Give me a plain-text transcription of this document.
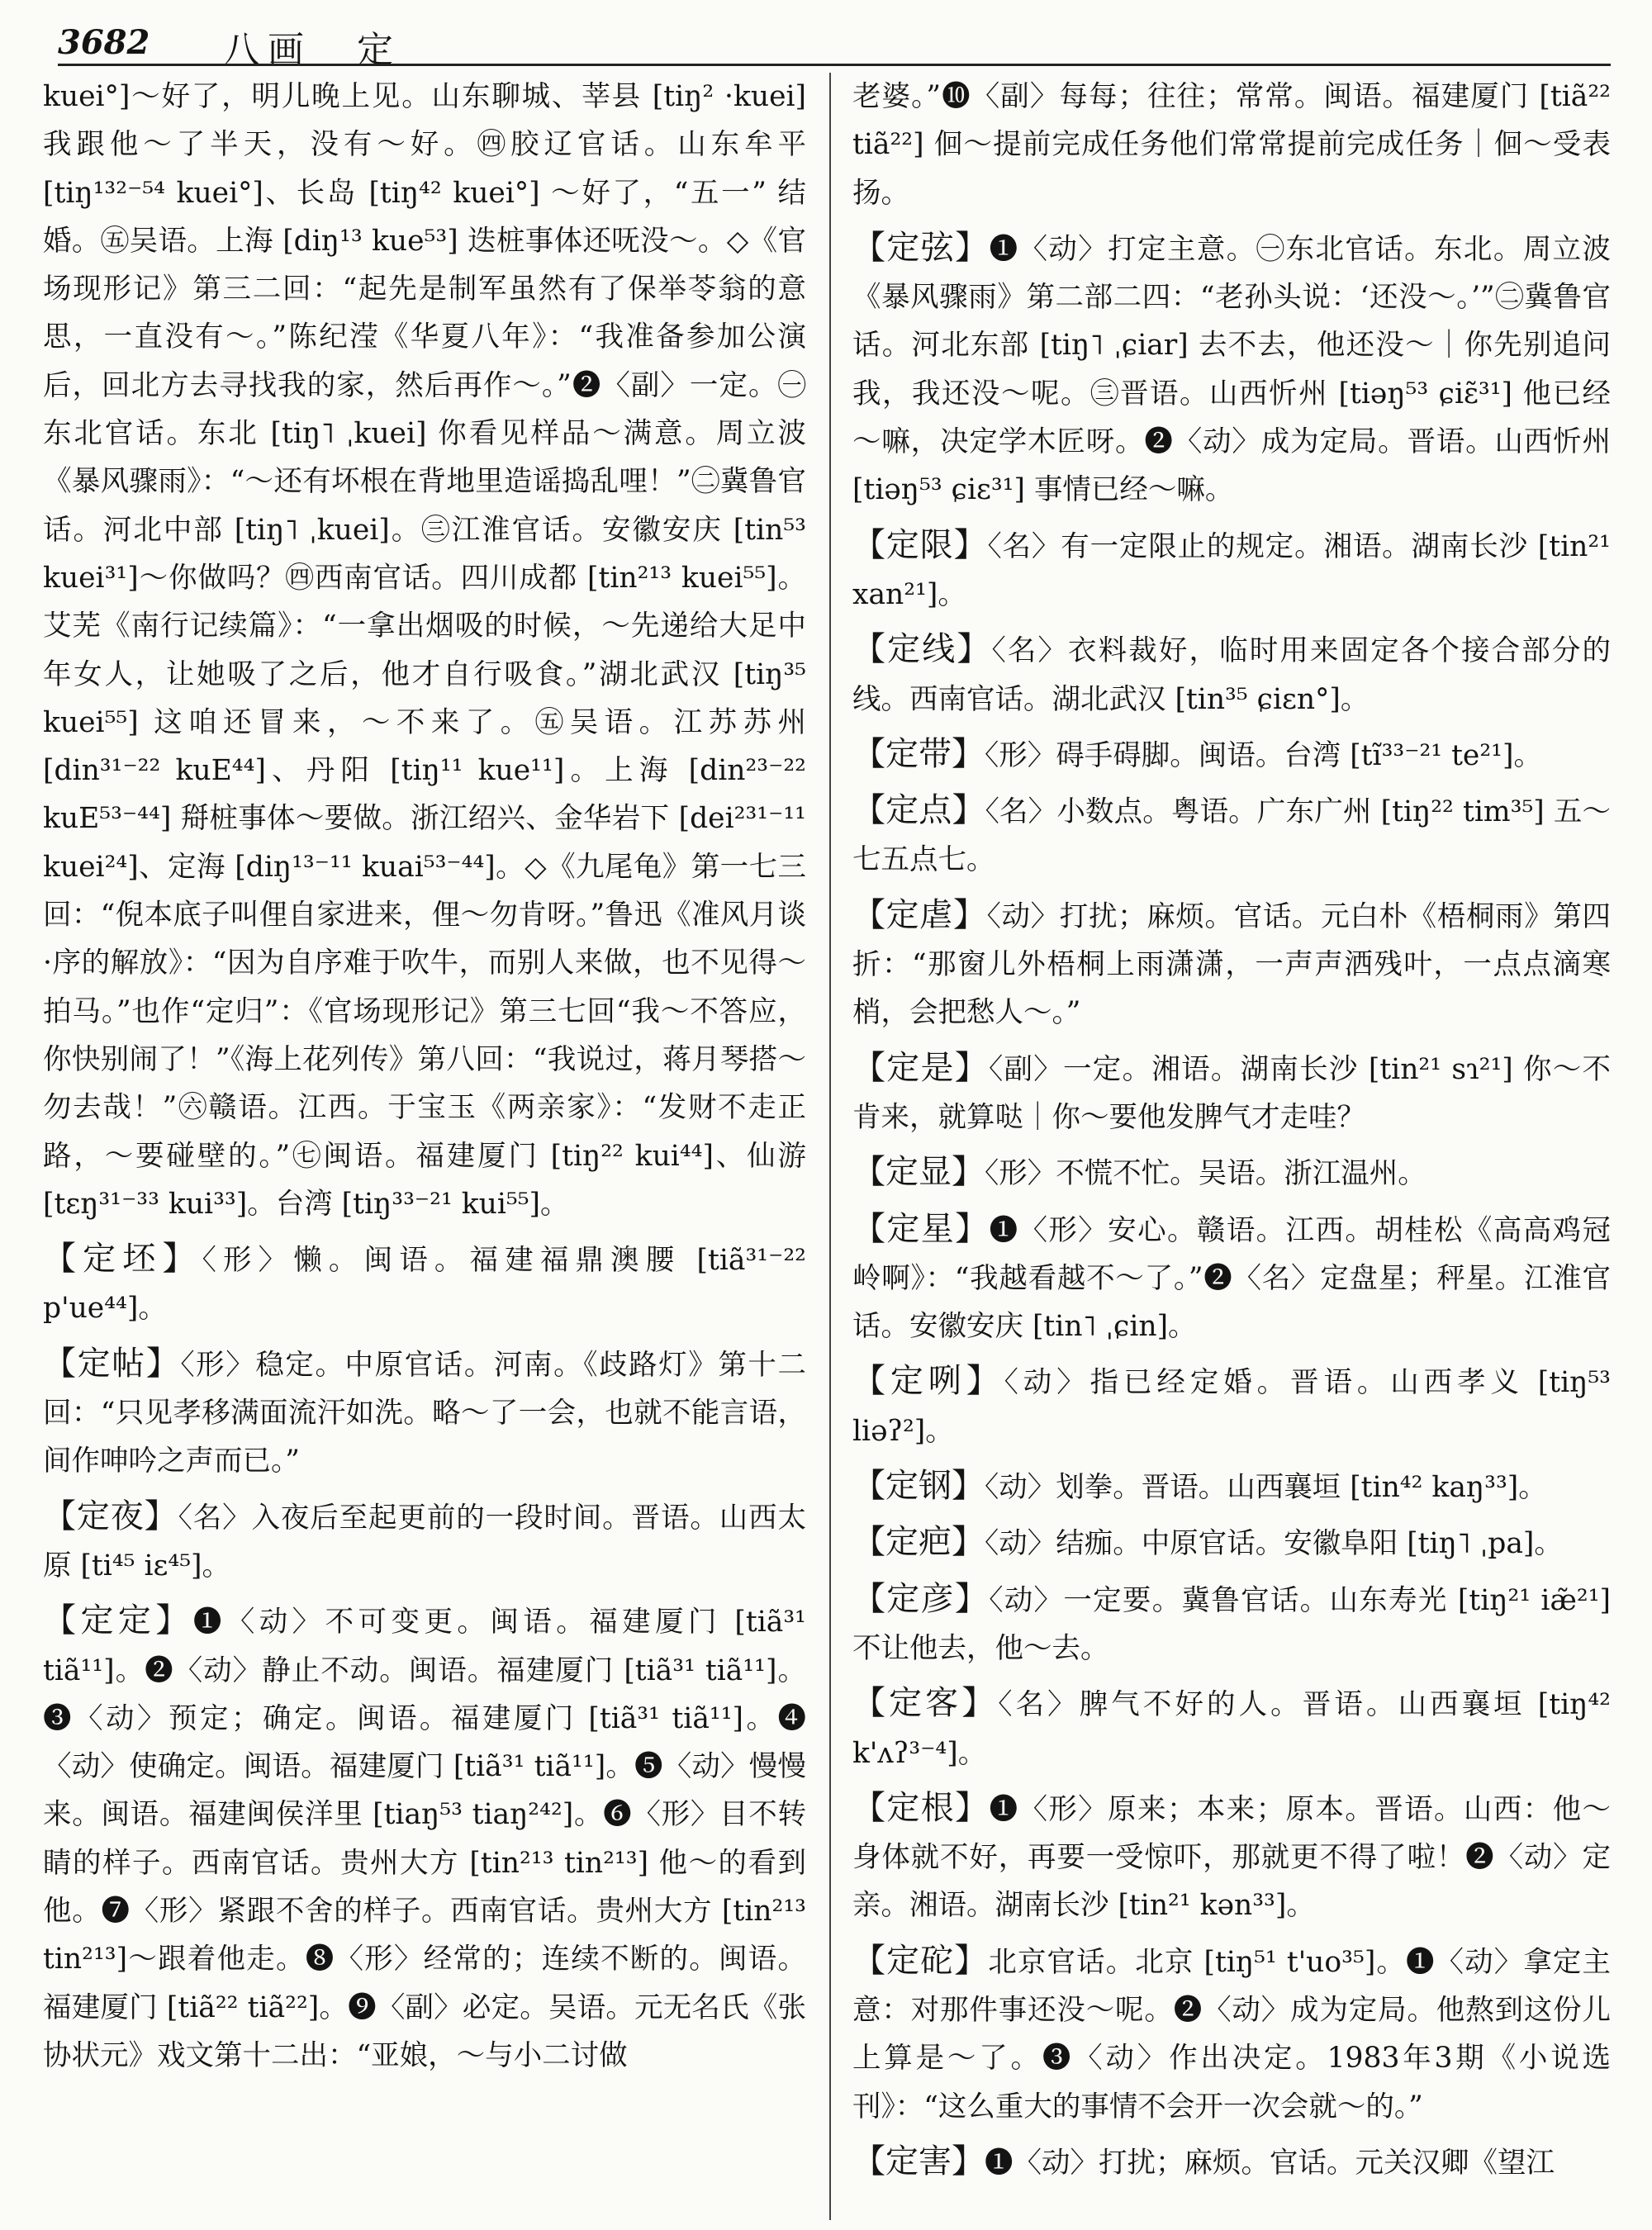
3682 八画　定

kuei°]～好了，明儿晚上见。山东聊城、莘县 [tiŋ² ·kuei] 我跟他～了半天，没有～好。㊃胶辽官话。山东牟平 [tiŋ¹³²⁻⁵⁴ kuei°]、长岛 [tiŋ⁴² kuei°] ～好了，“五一” 结婚。㊄吴语。上海 [diŋ¹³ kue⁵³] 迭桩事体还呒没～。◇《官场现形记》第三二回：“起先是制军虽然有了保举苓翁的意思，一直没有～。”陈纪滢《华夏八年》：“我准备参加公演后，回北方去寻找我的家，然后再作～。”❷〈副〉一定。㊀东北官话。东北 [tiŋ˥ ˌkuei] 你看见样品～满意。周立波《暴风骤雨》：“～还有坏根在背地里造谣捣乱哩！”㊁冀鲁官话。河北中部 [tiŋ˥ ˌkuei]。㊂江淮官话。安徽安庆 [tin⁵³ kuei³¹]～你做吗？㊃西南官话。四川成都 [tin²¹³ kuei⁵⁵]。艾芜《南行记续篇》：“一拿出烟吸的时候，～先递给大足中年女人，让她吸了之后，他才自行吸食。”湖北武汉 [tiŋ³⁵ kuei⁵⁵] 这咱还冒来，～不来了。㊄吴语。江苏苏州 [din³¹⁻²² kuE⁴⁴]、丹阳 [tiŋ¹¹ kue¹¹]。上海 [din²³⁻²² kuE⁵³⁻⁴⁴] 搿桩事体～要做。浙江绍兴、金华岩下 [dei²³¹⁻¹¹ kuei²⁴]、定海 [diŋ¹³⁻¹¹ kuai⁵³⁻⁴⁴]。◇《九尾龟》第一七三回：“倪本底子叫俚自家进来，俚～勿肯呀。”鲁迅《准风月谈·序的解放》：“因为自序难于吹牛，而别人来做，也不见得～拍马。”也作“定归”：《官场现形记》第三七回“我～不答应，你快别闹了！”《海上花列传》第八回：“我说过，蒋月琴搭～勿去哉！”㊅赣语。江西。于宝玉《两亲家》：“发财不走正路，～要碰壁的。”㊆闽语。福建厦门 [tiŋ²² kui⁴⁴]、仙游 [tɛŋ³¹⁻³³ kui³³]。台湾 [tiŋ³³⁻²¹ kui⁵⁵]。

【定坯】〈形〉懒。闽语。福建福鼎澳腰 [tiã³¹⁻²² p'ue⁴⁴]。

【定帖】〈形〉稳定。中原官话。河南。《歧路灯》第十二回：“只见孝移满面流汗如洗。略～了一会，也就不能言语，间作呻吟之声而已。”

【定夜】〈名〉入夜后至起更前的一段时间。晋语。山西太原 [ti⁴⁵ iɛ⁴⁵]。

【定定】❶〈动〉不可变更。闽语。福建厦门 [tiã³¹ tiã¹¹]。❷〈动〉静止不动。闽语。福建厦门 [tiã³¹ tiã¹¹]。❸〈动〉预定；确定。闽语。福建厦门 [tiã³¹ tiã¹¹]。❹〈动〉使确定。闽语。福建厦门 [tiã³¹ tiã¹¹]。❺〈动〉慢慢来。闽语。福建闽侯洋里 [tiaŋ⁵³ tiaŋ²⁴²]。❻〈形〉目不转睛的样子。西南官话。贵州大方 [tin²¹³ tin²¹³] 他～的看到他。❼〈形〉紧跟不舍的样子。西南官话。贵州大方 [tin²¹³ tin²¹³]～跟着他走。❽〈形〉经常的；连续不断的。闽语。福建厦门 [tiã²² tiã²²]。❾〈副〉必定。吴语。元无名氏《张协状元》戏文第十二出：“亚娘，～与小二讨做

老婆。”❿〈副〉每每；往往；常常。闽语。福建厦门 [tiã²² tiã²²] 佪～提前完成任务他们常常提前完成任务｜佪～受表扬。

【定弦】❶〈动〉打定主意。㊀东北官话。东北。周立波《暴风骤雨》第二部二四：“老孙头说：‘还没～。’”㊁冀鲁官话。河北东部 [tiŋ˥ ˌɕiar] 去不去，他还没～｜你先别追问我，我还没～呢。㊂晋语。山西忻州 [tiəŋ⁵³ ɕiɛ̃³¹] 他已经～嘛，决定学木匠呀。❷〈动〉成为定局。晋语。山西忻州 [tiəŋ⁵³ ɕiɛ³¹] 事情已经～嘛。

【定限】〈名〉有一定限止的规定。湘语。湖南长沙 [tin²¹ xan²¹]。

【定线】〈名〉衣料裁好，临时用来固定各个接合部分的线。西南官话。湖北武汉 [tin³⁵ ɕiɛn°]。

【定带】〈形〉碍手碍脚。闽语。台湾 [tĩ³³⁻²¹ te²¹]。

【定点】〈名〉小数点。粤语。广东广州 [tiŋ²² tim³⁵] 五～七五点七。

【定虐】〈动〉打扰；麻烦。官话。元白朴《梧桐雨》第四折：“那窗儿外梧桐上雨潇潇，一声声洒残叶，一点点滴寒梢，会把愁人～。”

【定是】〈副〉一定。湘语。湖南长沙 [tin²¹ sɿ²¹] 你～不肯来，就算哒｜你～要他发脾气才走哇？

【定显】〈形〉不慌不忙。吴语。浙江温州。

【定星】❶〈形〉安心。赣语。江西。胡桂松《高高鸡冠岭啊》：“我越看越不～了。”❷〈名〉定盘星；秤星。江淮官话。安徽安庆 [tin˥ ˌɕin]。

【定咧】〈动〉指已经定婚。晋语。山西孝义 [tiŋ⁵³ liəʔ²]。

【定钢】〈动〉划拳。晋语。山西襄垣 [tin⁴² kaŋ³³]。

【定疤】〈动〉结痂。中原官话。安徽阜阳 [tiŋ˥ ˌpa]。

【定彦】〈动〉一定要。冀鲁官话。山东寿光 [tiŋ²¹ iæ̃²¹] 不让他去，他～去。

【定客】〈名〉脾气不好的人。晋语。山西襄垣 [tiŋ⁴² k'ʌʔ³⁻⁴]。

【定根】❶〈形〉原来；本来；原本。晋语。山西：他～身体就不好，再要一受惊吓，那就更不得了啦！❷〈动〉定亲。湘语。湖南长沙 [tin²¹ kən³³]。

【定砣】北京官话。北京 [tiŋ⁵¹ t'uo³⁵]。❶〈动〉拿定主意：对那件事还没～呢。❷〈动〉成为定局。他熬到这份儿上算是～了。❸〈动〉作出决定。1983年3期《小说选刊》：“这么重大的事情不会开一次会就～的。”

【定害】❶〈动〉打扰；麻烦。官话。元关汉卿《望江
